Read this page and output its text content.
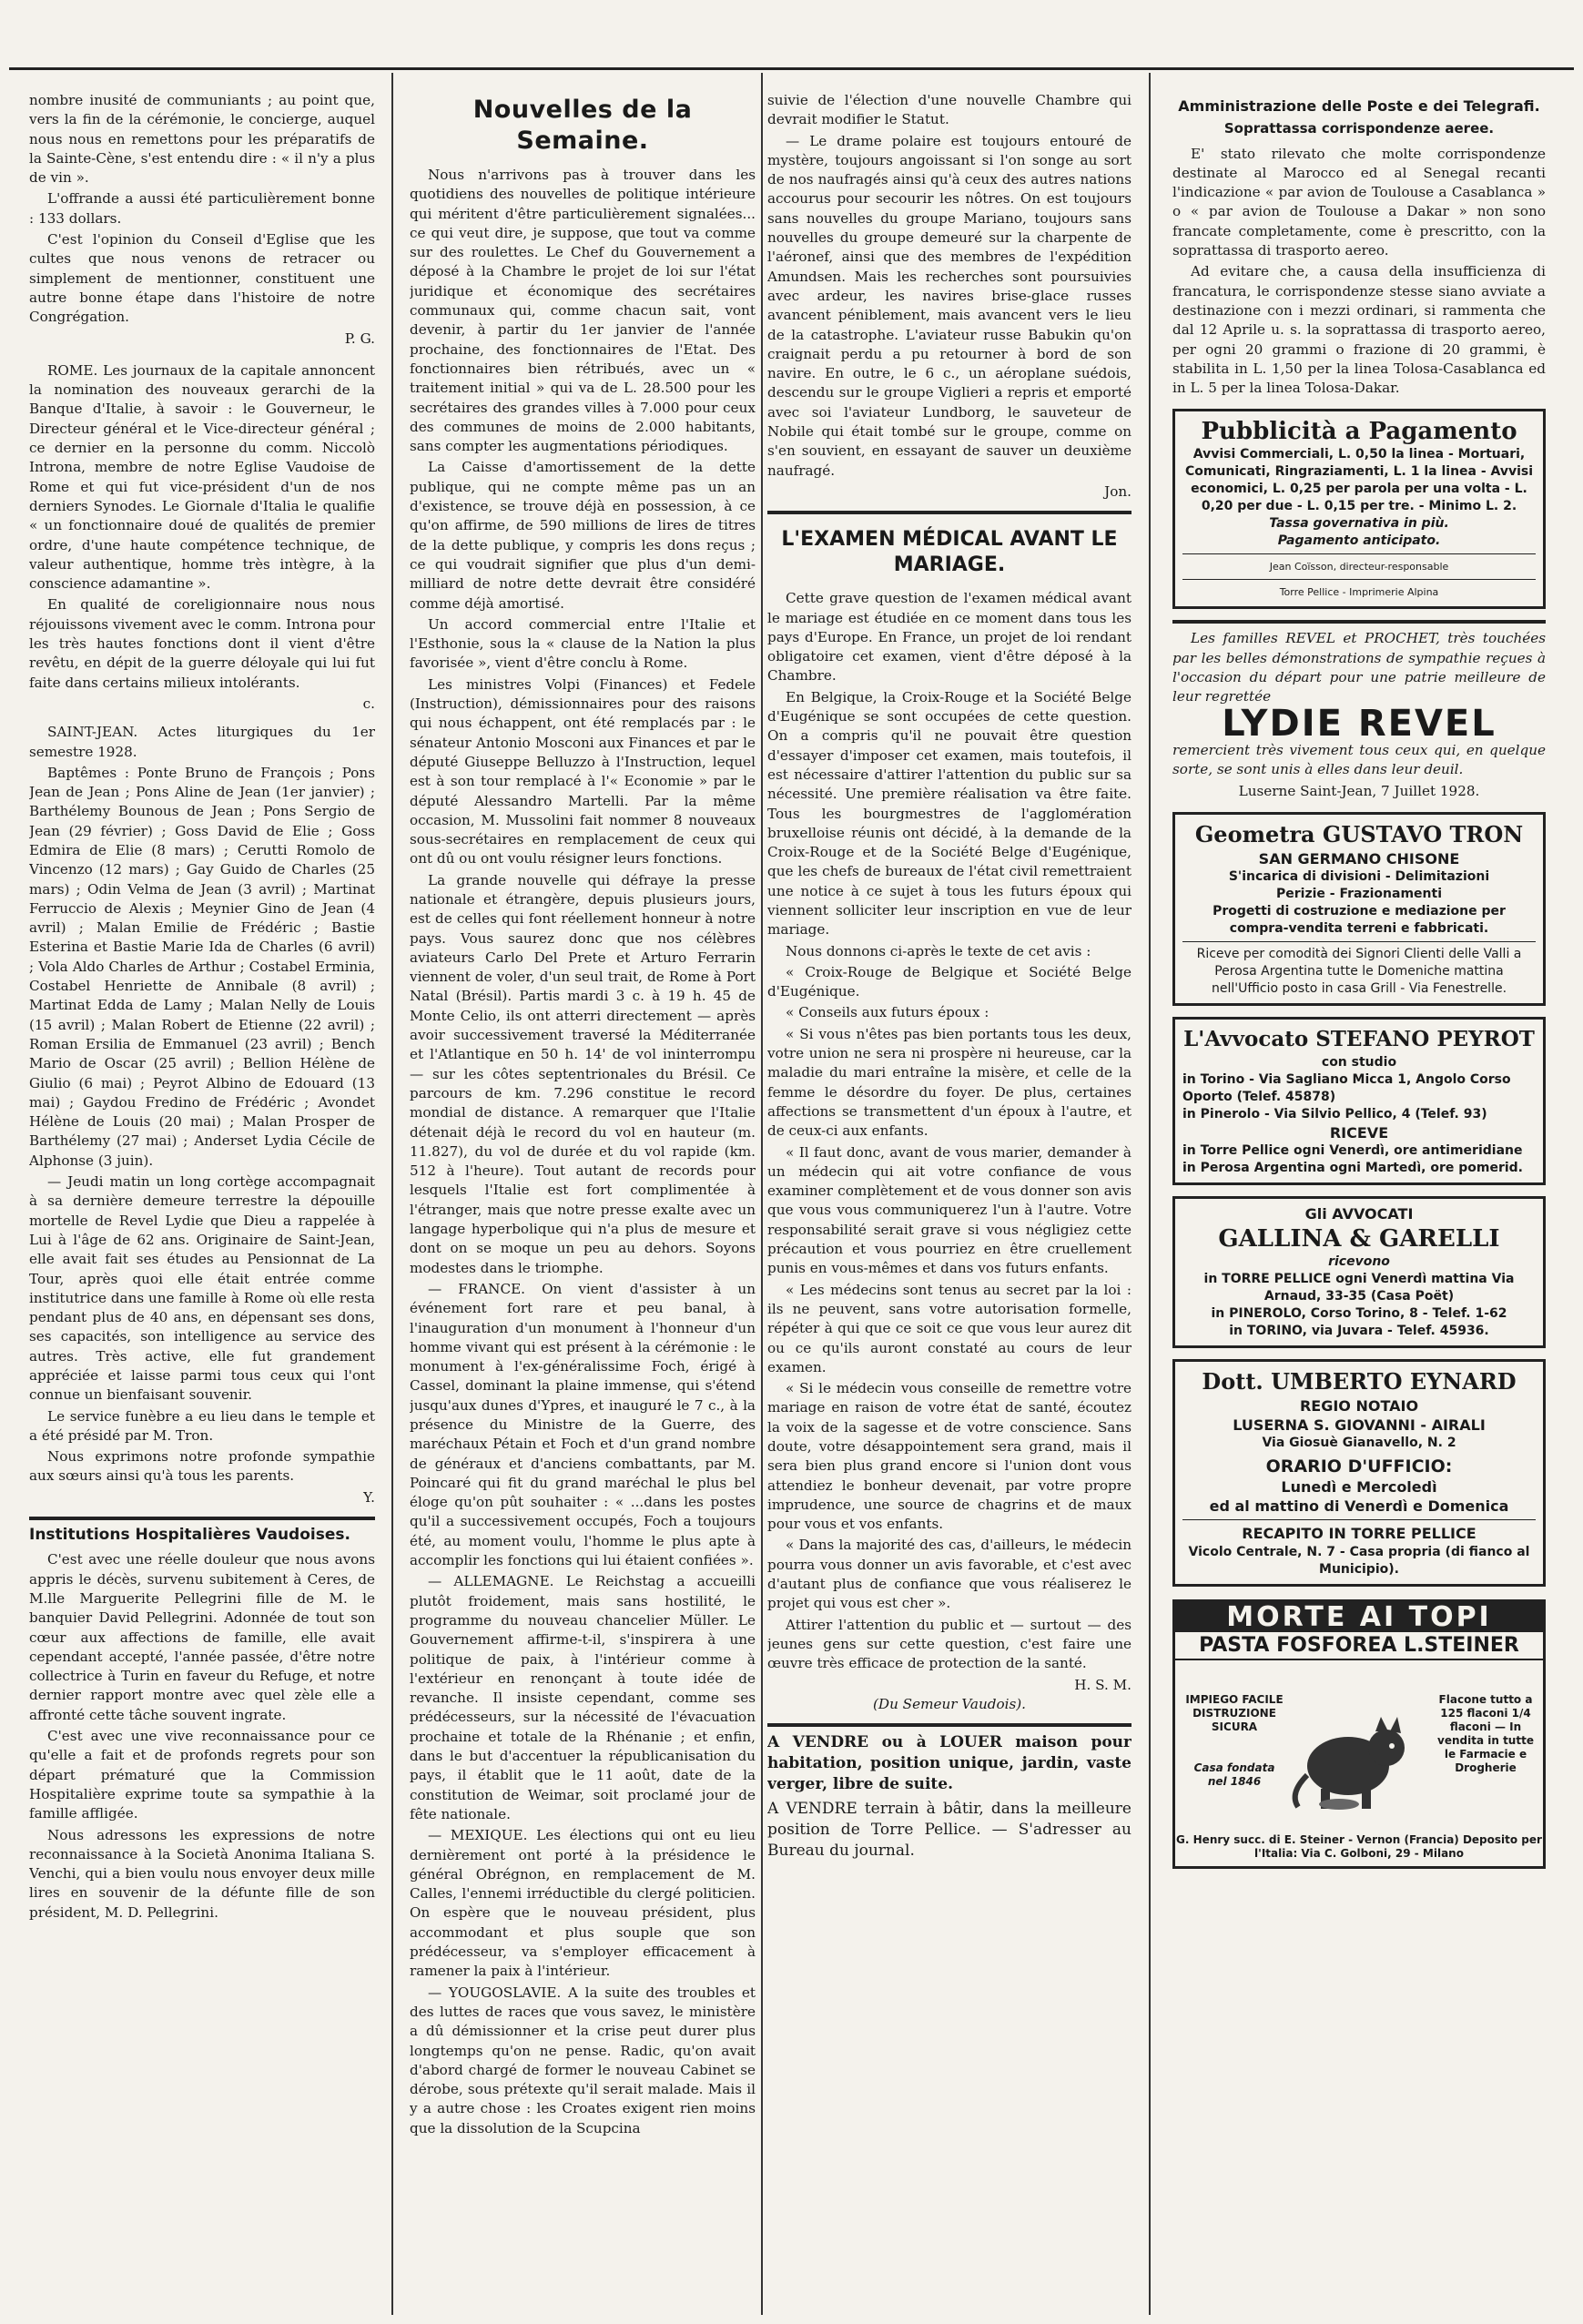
nombre inusité de communiants ; au point que, vers la fin de la cérémonie, le concierge, auquel nous nous en remettons pour les préparatifs de la Sainte-Cène, s'est entendu dire : « il n'y a plus de vin ».

L'offrande a aussi été particulièrement bonne : 133 dollars.

C'est l'opinion du Conseil d'Eglise que les cultes que nous venons de retracer ou simplement de mentionner, constituent une autre bonne étape dans l'histoire de notre Congrégation.

P. G.

ROME. Les journaux de la capitale annoncent la nomination des nouveaux gerarchi de la Banque d'Italie, à savoir : le Gouverneur, le Directeur général et le Vice-directeur général ; ce dernier en la personne du comm. Niccolò Introna, membre de notre Eglise Vaudoise de Rome et qui fut vice-président d'un de nos derniers Synodes. Le Giornale d'Italia le qualifie « un fonctionnaire doué de qualités de premier ordre, d'une haute compétence technique, de valeur authentique, homme très intègre, à la conscience adamantine ».

En qualité de coreligionnaire nous nous réjouissons vivement avec le comm. Introna pour les très hautes fonctions dont il vient d'être revêtu, en dépit de la guerre déloyale qui lui fut faite dans certains milieux intolérants.

c.

SAINT-JEAN. Actes liturgiques du 1er semestre 1928.

Baptêmes : Ponte Bruno de François ; Pons Jean de Jean ; Pons Aline de Jean (1er janvier) ; Barthélemy Bounous de Jean ; Pons Sergio de Jean (29 février) ; Goss David de Elie ; Goss Edmira de Elie (8 mars) ; Cerutti Romolo de Vincenzo (12 mars) ; Gay Guido de Charles (25 mars) ; Odin Velma de Jean (3 avril) ; Martinat Ferruccio de Alexis ; Meynier Gino de Jean (4 avril) ; Malan Emilie de Frédéric ; Bastie Esterina et Bastie Marie Ida de Charles (6 avril) ; Vola Aldo Charles de Arthur ; Costabel Erminia, Costabel Henriette de Annibale (8 avril) ; Martinat Edda de Lamy ; Malan Nelly de Louis (15 avril) ; Malan Robert de Etienne (22 avril) ; Roman Ersilia de Emmanuel (23 avril) ; Bench Mario de Oscar (25 avril) ; Bellion Hélène de Giulio (6 mai) ; Peyrot Albino de Edouard (13 mai) ; Gaydou Fredino de Frédéric ; Avondet Hélène de Louis (20 mai) ; Malan Prosper de Barthélemy (27 mai) ; Anderset Lydia Cécile de Alphonse (3 juin).

— Jeudi matin un long cortège accompagnait à sa dernière demeure terrestre la dépouille mortelle de Revel Lydie que Dieu a rappelée à Lui à l'âge de 62 ans. Originaire de Saint-Jean, elle avait fait ses études au Pensionnat de La Tour, après quoi elle était entrée comme institutrice dans une famille à Rome où elle resta pendant plus de 40 ans, en dépensant ses dons, ses capacités, son intelligence au service des autres. Très active, elle fut grandement appréciée et laisse parmi tous ceux qui l'ont connue un bienfaisant souvenir.

Le service funèbre a eu lieu dans le temple et a été présidé par M. Tron.

Nous exprimons notre profonde sympathie aux sœurs ainsi qu'à tous les parents.

Y.
Institutions Hospitalières Vaudoises.

C'est avec une réelle douleur que nous avons appris le décès, survenu subitement à Ceres, de M.lle Marguerite Pellegrini fille de M. le banquier David Pellegrini. Adonnée de tout son cœur aux affections de famille, elle avait cependant accepté, l'année passée, d'être notre collectrice à Turin en faveur du Refuge, et notre dernier rapport montre avec quel zèle elle a affronté cette tâche souvent ingrate.

C'est avec une vive reconnaissance pour ce qu'elle a fait et de profonds regrets pour son départ prématuré que la Commission Hospitalière exprime toute sa sympathie à la famille affligée.

Nous adressons les expressions de notre reconnaissance à la Società Anonima Italiana S. Venchi, qui a bien voulu nous envoyer deux mille lires en souvenir de la défunte fille de son président, M. D. Pellegrini.

Nouvelles de la Semaine.

Nous n'arrivons pas à trouver dans les quotidiens des nouvelles de politique intérieure qui méritent d'être particulièrement signalées... ce qui veut dire, je suppose, que tout va comme sur des roulettes. Le Chef du Gouvernement a déposé à la Chambre le projet de loi sur l'état juridique et économique des secrétaires communaux qui, comme chacun sait, vont devenir, à partir du 1er janvier de l'année prochaine, des fonctionnaires de l'Etat. Des fonctionnaires bien rétribués, avec un « traitement initial » qui va de L. 28.500 pour les secrétaires des grandes villes à 7.000 pour ceux des communes de moins de 2.000 habitants, sans compter les augmentations périodiques.

La Caisse d'amortissement de la dette publique, qui ne compte même pas un an d'existence, se trouve déjà en possession, à ce qu'on affirme, de 590 millions de lires de titres de la dette publique, y compris les dons reçus ; ce qui voudrait signifier que plus d'un demi-milliard de notre dette devrait être considéré comme déjà amortisé.

Un accord commercial entre l'Italie et l'Esthonie, sous la « clause de la Nation la plus favorisée », vient d'être conclu à Rome.

Les ministres Volpi (Finances) et Fedele (Instruction), démissionnaires pour des raisons qui nous échappent, ont été remplacés par : le sénateur Antonio Mosconi aux Finances et par le député Giuseppe Belluzzo à l'Instruction, lequel est à son tour remplacé à l'« Economie » par le député Alessandro Martelli. Par la même occasion, M. Mussolini fait nommer 8 nouveaux sous-secrétaires en remplacement de ceux qui ont dû ou ont voulu résigner leurs fonctions.

La grande nouvelle qui défraye la presse nationale et étrangère, depuis plusieurs jours, est de celles qui font réellement honneur à notre pays. Vous saurez donc que nos célèbres aviateurs Carlo Del Prete et Arturo Ferrarin viennent de voler, d'un seul trait, de Rome à Port Natal (Brésil). Partis mardi 3 c. à 19 h. 45 de Monte Celio, ils ont atterri directement — après avoir successivement traversé la Méditerranée et l'Atlantique en 50 h. 14' de vol ininterrompu — sur les côtes septentrionales du Brésil. Ce parcours de km. 7.296 constitue le record mondial de distance. A remarquer que l'Italie détenait déjà le record du vol en hauteur (m. 11.827), du vol de durée et du vol rapide (km. 512 à l'heure). Tout autant de records pour lesquels l'Italie est fort complimentée à l'étranger, mais que notre presse exalte avec un langage hyperbolique qui n'a plus de mesure et dont on se moque un peu au dehors. Soyons modestes dans le triomphe.

— FRANCE. On vient d'assister à un événement fort rare et peu banal, à l'inauguration d'un monument à l'honneur d'un homme vivant qui est présent à la cérémonie : le monument à l'ex-généralissime Foch, érigé à Cassel, dominant la plaine immense, qui s'étend jusqu'aux dunes d'Ypres, et inauguré le 7 c., à la présence du Ministre de la Guerre, des maréchaux Pétain et Foch et d'un grand nombre de généraux et d'anciens combattants, par M. Poincaré qui fit du grand maréchal le plus bel éloge qu'on pût souhaiter : « ...dans les postes qu'il a successivement occupés, Foch a toujours été, au moment voulu, l'homme le plus apte à accomplir les fonctions qui lui étaient confiées ».

— ALLEMAGNE. Le Reichstag a accueilli plutôt froidement, mais sans hostilité, le programme du nouveau chancelier Müller. Le Gouvernement affirme-t-il, s'inspirera à une politique de paix, à l'intérieur comme à l'extérieur en renonçant à toute idée de revanche. Il insiste cependant, comme ses prédécesseurs, sur la nécessité de l'évacuation prochaine et totale de la Rhénanie ; et enfin, dans le but d'accentuer la républicanisation du pays, il établit que le 11 août, date de la constitution de Weimar, soit proclamé jour de fête nationale.

— MEXIQUE. Les élections qui ont eu lieu dernièrement ont porté à la présidence le général Obrégnon, en remplacement de M. Calles, l'ennemi irréductible du clergé politicien. On espère que le nouveau président, plus accommodant et plus souple que son prédécesseur, va s'employer efficacement à ramener la paix à l'intérieur.

— YOUGOSLAVIE. A la suite des troubles et des luttes de races que vous savez, le ministère a dû démissionner et la crise peut durer plus longtemps qu'on ne pense. Radic, qu'on avait d'abord chargé de former le nouveau Cabinet se dérobe, sous prétexte qu'il serait malade. Mais il y a autre chose : les Croates exigent rien moins que la dissolution de la Scupcina

suivie de l'élection d'une nouvelle Chambre qui devrait modifier le Statut.

— Le drame polaire est toujours entouré de mystère, toujours angoissant si l'on songe au sort de nos naufragés ainsi qu'à ceux des autres nations accourus pour secourir les nôtres. On est toujours sans nouvelles du groupe Mariano, toujours sans nouvelles du groupe demeuré sur la charpente de l'aéronef, ainsi que des membres de l'expédition Amundsen. Mais les recherches sont poursuivies avec ardeur, les navires brise-glace russes avancent péniblement, mais avancent vers le lieu de la catastrophe. L'aviateur russe Babukin qu'on craignait perdu a pu retourner à bord de son navire. En outre, le 6 c., un aéroplane suédois, descendu sur le groupe Viglieri a repris et emporté avec soi l'aviateur Lundborg, le sauveteur de Nobile qui était tombé sur le groupe, comme on s'en souvient, en essayant de sauver un deuxième naufragé.

Jon.
L'EXAMEN MÉDICAL AVANT LE MARIAGE.

Cette grave question de l'examen médical avant le mariage est étudiée en ce moment dans tous les pays d'Europe. En France, un projet de loi rendant obligatoire cet examen, vient d'être déposé à la Chambre.

En Belgique, la Croix-Rouge et la Société Belge d'Eugénique se sont occupées de cette question. On a compris qu'il ne pouvait être question d'essayer d'imposer cet examen, mais toutefois, il est nécessaire d'attirer l'attention du public sur sa nécessité. Une première réalisation va être faite. Tous les bourgmestres de l'agglomération bruxelloise réunis ont décidé, à la demande de la Croix-Rouge et de la Société Belge d'Eugénique, que les chefs de bureaux de l'état civil remettraient une notice à ce sujet à tous les futurs époux qui viennent solliciter leur inscription en vue de leur mariage.

Nous donnons ci-après le texte de cet avis :

« Croix-Rouge de Belgique et Société Belge d'Eugénique.

« Conseils aux futurs époux :

« Si vous n'êtes pas bien portants tous les deux, votre union ne sera ni prospère ni heureuse, car la maladie du mari entraîne la misère, et celle de la femme le désordre du foyer. De plus, certaines affections se transmettent d'un époux à l'autre, et de ceux-ci aux enfants.

« Il faut donc, avant de vous marier, demander à un médecin qui ait votre confiance de vous examiner complètement et de vous donner son avis que vous vous communiquerez l'un à l'autre. Votre responsabilité serait grave si vous négligiez cette précaution et vous pourriez en être cruellement punis en vous-mêmes et dans vos futurs enfants.

« Les médecins sont tenus au secret par la loi : ils ne peuvent, sans votre autorisation formelle, répéter à qui que ce soit ce que vous leur aurez dit ou ce qu'ils auront constaté au cours de leur examen.

« Si le médecin vous conseille de remettre votre mariage en raison de votre état de santé, écoutez la voix de la sagesse et de votre conscience. Sans doute, votre désappointement sera grand, mais il sera bien plus grand encore si l'union dont vous attendiez le bonheur devenait, par votre propre imprudence, une source de chagrins et de maux pour vous et vos enfants.

« Dans la majorité des cas, d'ailleurs, le médecin pourra vous donner un avis favorable, et c'est avec d'autant plus de confiance que vous réaliserez le projet qui vous est cher ».

Attirer l'attention du public et — surtout — des jeunes gens sur cette question, c'est faire une œuvre très efficace de protection de la santé.

H. S. M.
(Du Semeur Vaudois).

A VENDRE ou à LOUER maison pour habitation, position unique, jardin, vaste verger, libre de suite.

A VENDRE terrain à bâtir, dans la meilleure position de Torre Pellice. — S'adresser au Bureau du journal.

Amministrazione delle Poste e dei Telegrafi.
Soprattassa corrispondenze aeree.

E' stato rilevato che molte corrispondenze destinate al Marocco ed al Senegal recanti l'indicazione « par avion de Toulouse a Casablanca » o « par avion de Toulouse a Dakar » non sono francate completamente, come è prescritto, con la soprattassa di trasporto aereo.

Ad evitare che, a causa della insufficienza di francatura, le corrispondenze stesse siano avviate a destinazione con i mezzi ordinari, si rammenta che dal 12 Aprile u. s. la soprattassa di trasporto aereo, per ogni 20 grammi o frazione di 20 grammi, è stabilita in L. 1,50 per la linea Tolosa-Casablanca ed in L. 5 per la linea Tolosa-Dakar.

Pubblicità a Pagamento
Avvisi Commerciali, L. 0,50 la linea - Mortuari, Comunicati, Ringraziamenti, L. 1 la linea - Avvisi economici, L. 0,25 per parola per una volta - L. 0,20 per due - L. 0,15 per tre. - Minimo L. 2.
Tassa governativa in più.
Pagamento anticipato.
Jean Coïsson, directeur-responsable
Torre Pellice - Imprimerie Alpina

Les familles REVEL et PROCHET, très touchées par les belles démonstrations de sympathie reçues à l'occasion du départ pour une patrie meilleure de leur regrettée

LYDIE REVEL

remercient très vivement tous ceux qui, en quelque sorte, se sont unis à elles dans leur deuil.

Luserne Saint-Jean, 7 Juillet 1928.
Geometra GUSTAVO TRON
SAN GERMANO CHISONE
S'incarica di divisioni - Delimitazioni
Perizie - Frazionamenti
Progetti di costruzione e mediazione per compra-vendita terreni e fabbricati.
Riceve per comodità dei Signori Clienti delle Valli a Perosa Argentina tutte le Domeniche mattina nell'Ufficio posto in casa Grill - Via Fenestrelle.
L'Avvocato STEFANO PEYROT
con studio
in Torino - Via Sagliano Micca 1, Angolo Corso Oporto (Telef. 45878)
in Pinerolo - Via Silvio Pellico, 4 (Telef. 93)
RICEVE
in Torre Pellice ogni Venerdì, ore antimeridiane
in Perosa Argentina ogni Martedì, ore pomerid.
Gli AVVOCATI
GALLINA & GARELLI
ricevono
in TORRE PELLICE ogni Venerdì mattina Via Arnaud, 33-35 (Casa Poët)
in PINEROLO, Corso Torino, 8 - Telef. 1-62
in TORINO, via Juvara - Telef. 45936.
Dott. UMBERTO EYNARD
REGIO NOTAIO
LUSERNA S. GIOVANNI - AIRALI
Via Giosuè Gianavello, N. 2
ORARIO D'UFFICIO:
Lunedì e Mercoledì
ed al mattino di Venerdì e Domenica
RECAPITO IN TORRE PELLICE
Vicolo Centrale, N. 7 - Casa propria (di fianco al Municipio).
MORTE AI TOPI
PASTA FOSFOREA L.STEINER
IMPIEGO FACILE DISTRUZIONE SICURA
Casa fondata nel 1846
Flacone tutto a 125 flaconi 1/4 flaconi — In vendita in tutte le Farmacie e Drogherie
G. Henry succ. di E. Steiner - Vernon (Francia) Deposito per l'Italia: Via C. Golboni, 29 - Milano
